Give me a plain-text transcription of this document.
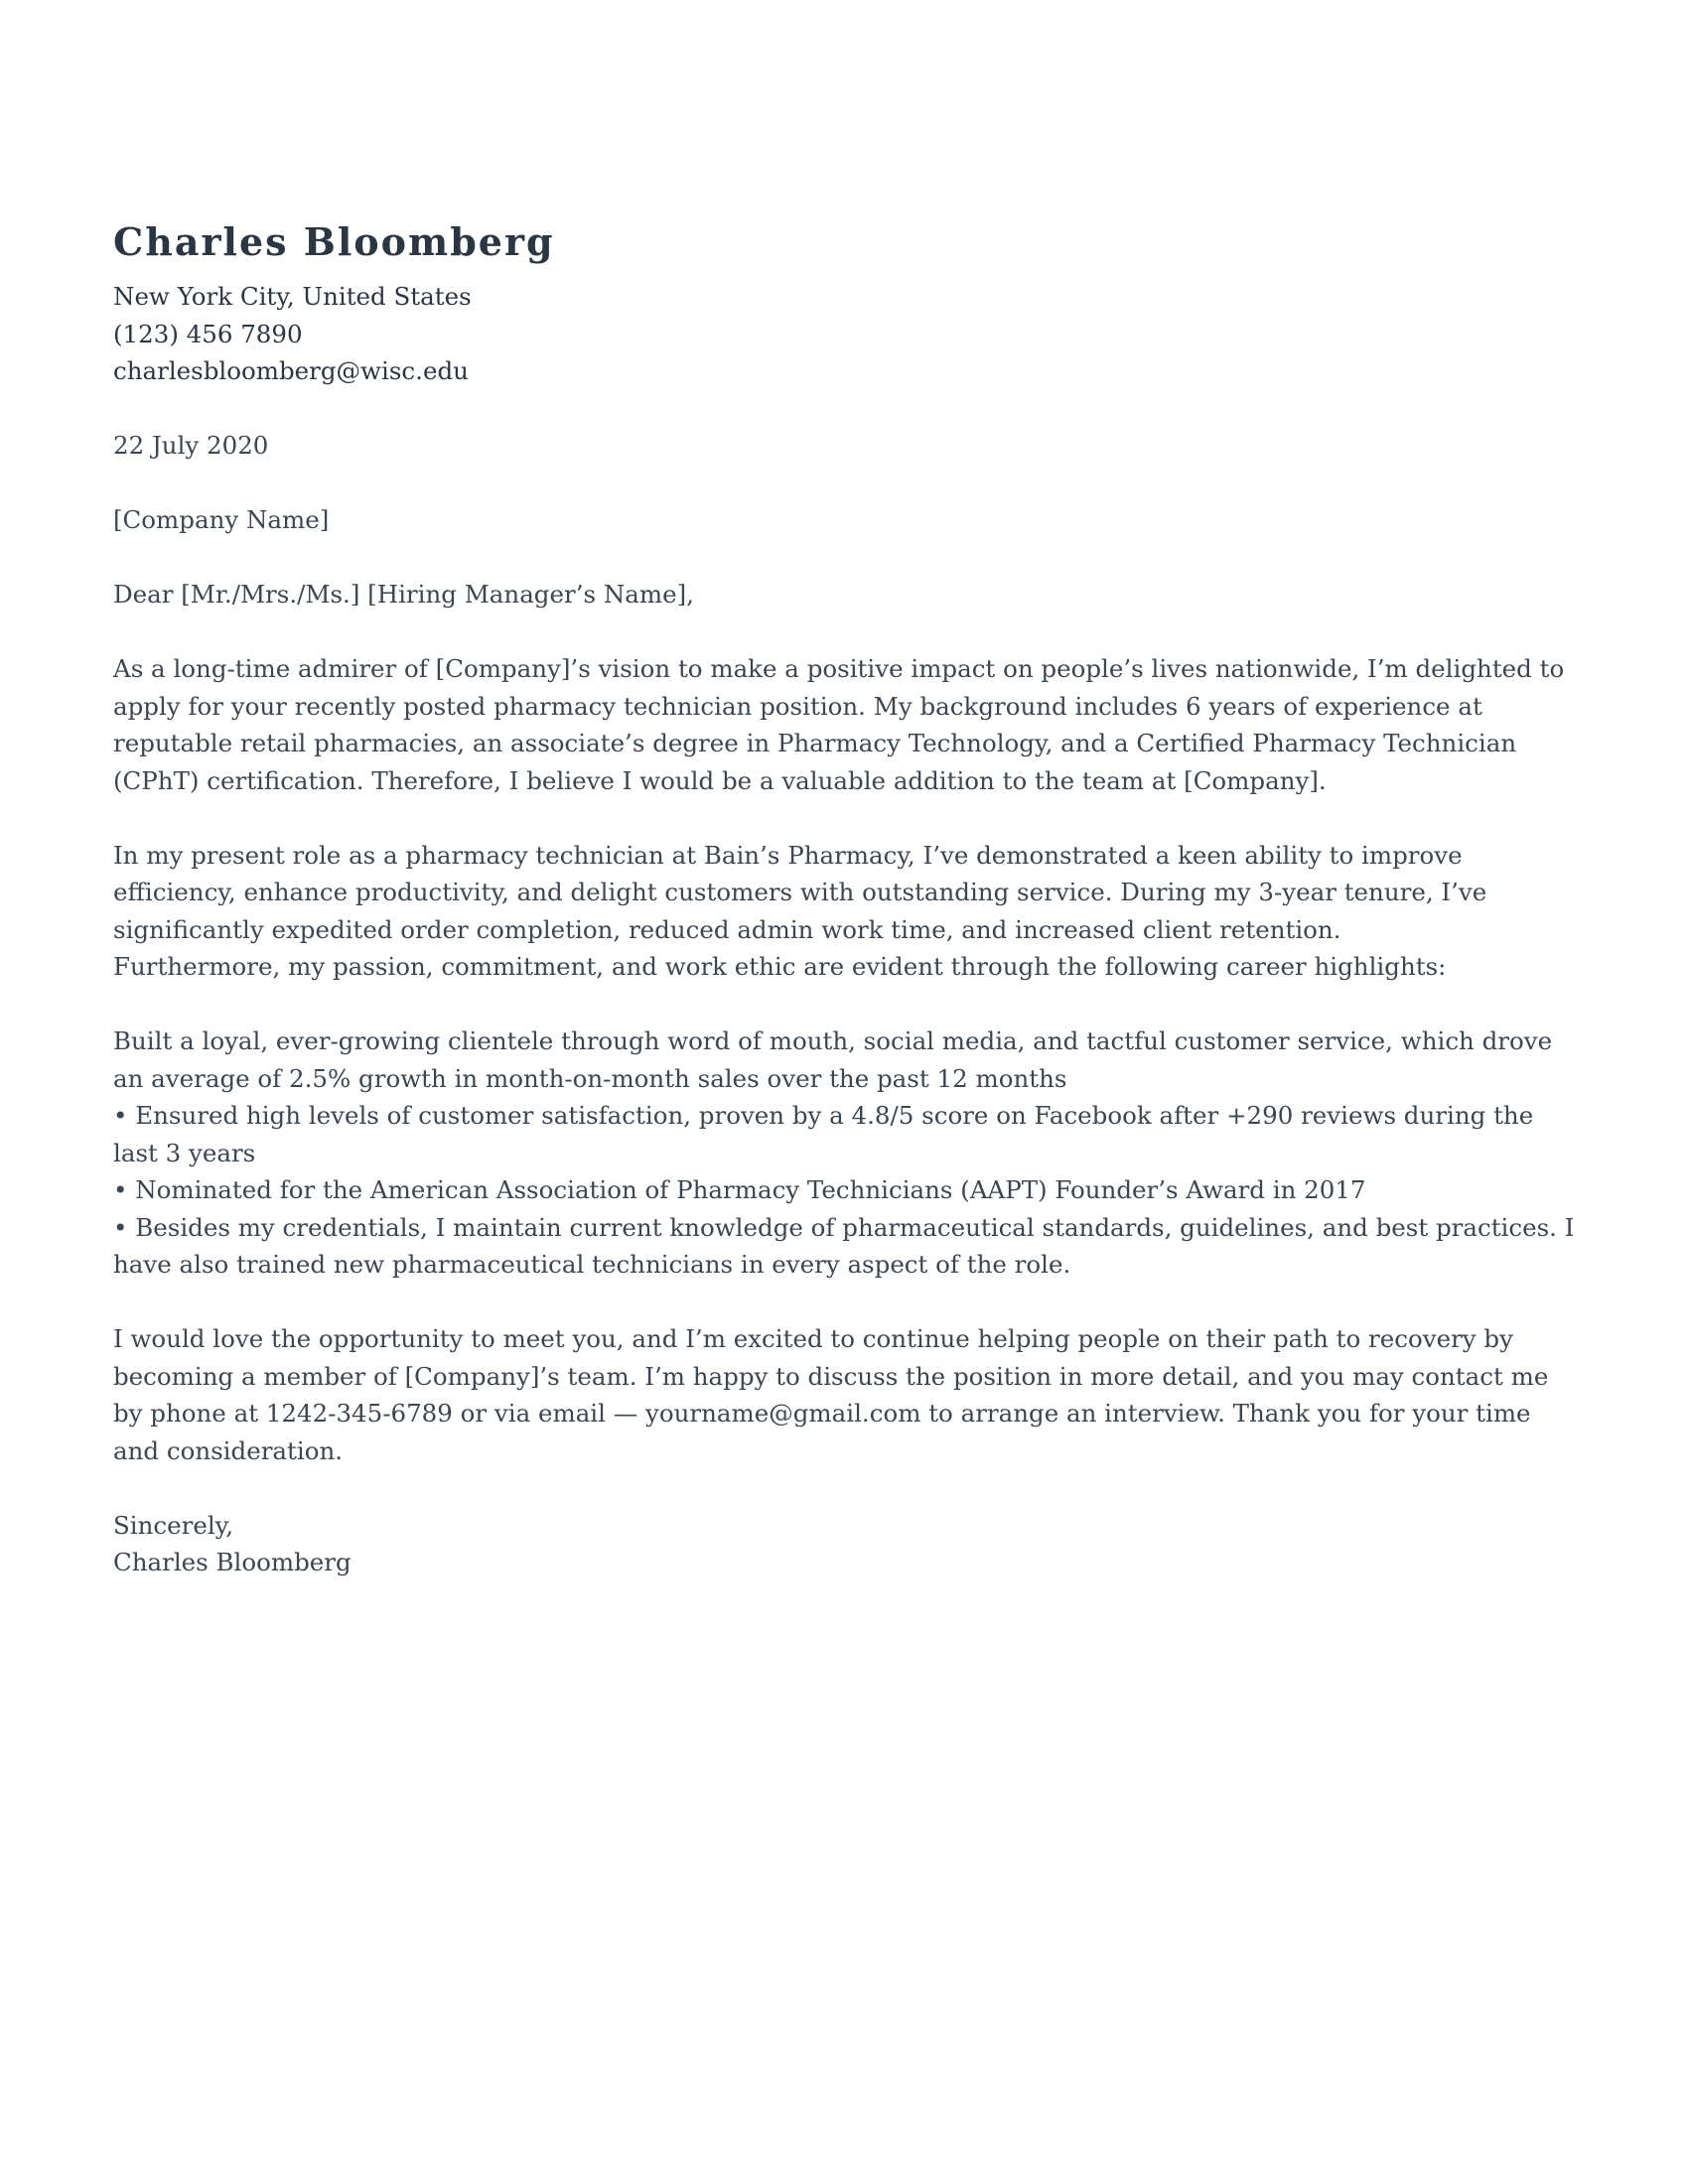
Charles Bloomberg
New York City, United States
(123) 456 7890
charlesbloomberg@wisc.edu
22 July 2020
[Company Name]
Dear [Mr./Mrs./Ms.] [Hiring Manager’s Name],

As a long-time admirer of [Company]’s vision to make a positive impact on people’s lives nationwide, I’m delighted to apply for your recently posted pharmacy technician position. My background includes 6 years of experience at reputable retail pharmacies, an associate’s degree in Pharmacy Technology, and a Certified Pharmacy Technician (CPhT) certification. Therefore, I believe I would be a valuable addition to the team at [Company].

In my present role as a pharmacy technician at Bain’s Pharmacy, I’ve demonstrated a keen ability to improve efficiency, enhance productivity, and delight customers with outstanding service. During my 3-year tenure, I’ve significantly expedited order completion, reduced admin work time, and increased client retention.

Furthermore, my passion, commitment, and work ethic are evident through the following career highlights:

Built a loyal, ever-growing clientele through word of mouth, social media, and tactful customer service, which drove an average of 2.5% growth in month-on-month sales over the past 12 months
• Ensured high levels of customer satisfaction, proven by a 4.8/5 score on Facebook after +290 reviews during the last 3 years
• Nominated for the American Association of Pharmacy Technicians (AAPT) Founder’s Award in 2017
• Besides my credentials, I maintain current knowledge of pharmaceutical standards, guidelines, and best practices. I have also trained new pharmaceutical technicians in every aspect of the role.

I would love the opportunity to meet you, and I’m excited to continue helping people on their path to recovery by becoming a member of [Company]’s team. I’m happy to discuss the position in more detail, and you may contact me by phone at 1242-345-6789 or via email — yourname@gmail.com to arrange an interview. Thank you for your time and consideration.

Sincerely,
Charles Bloomberg
